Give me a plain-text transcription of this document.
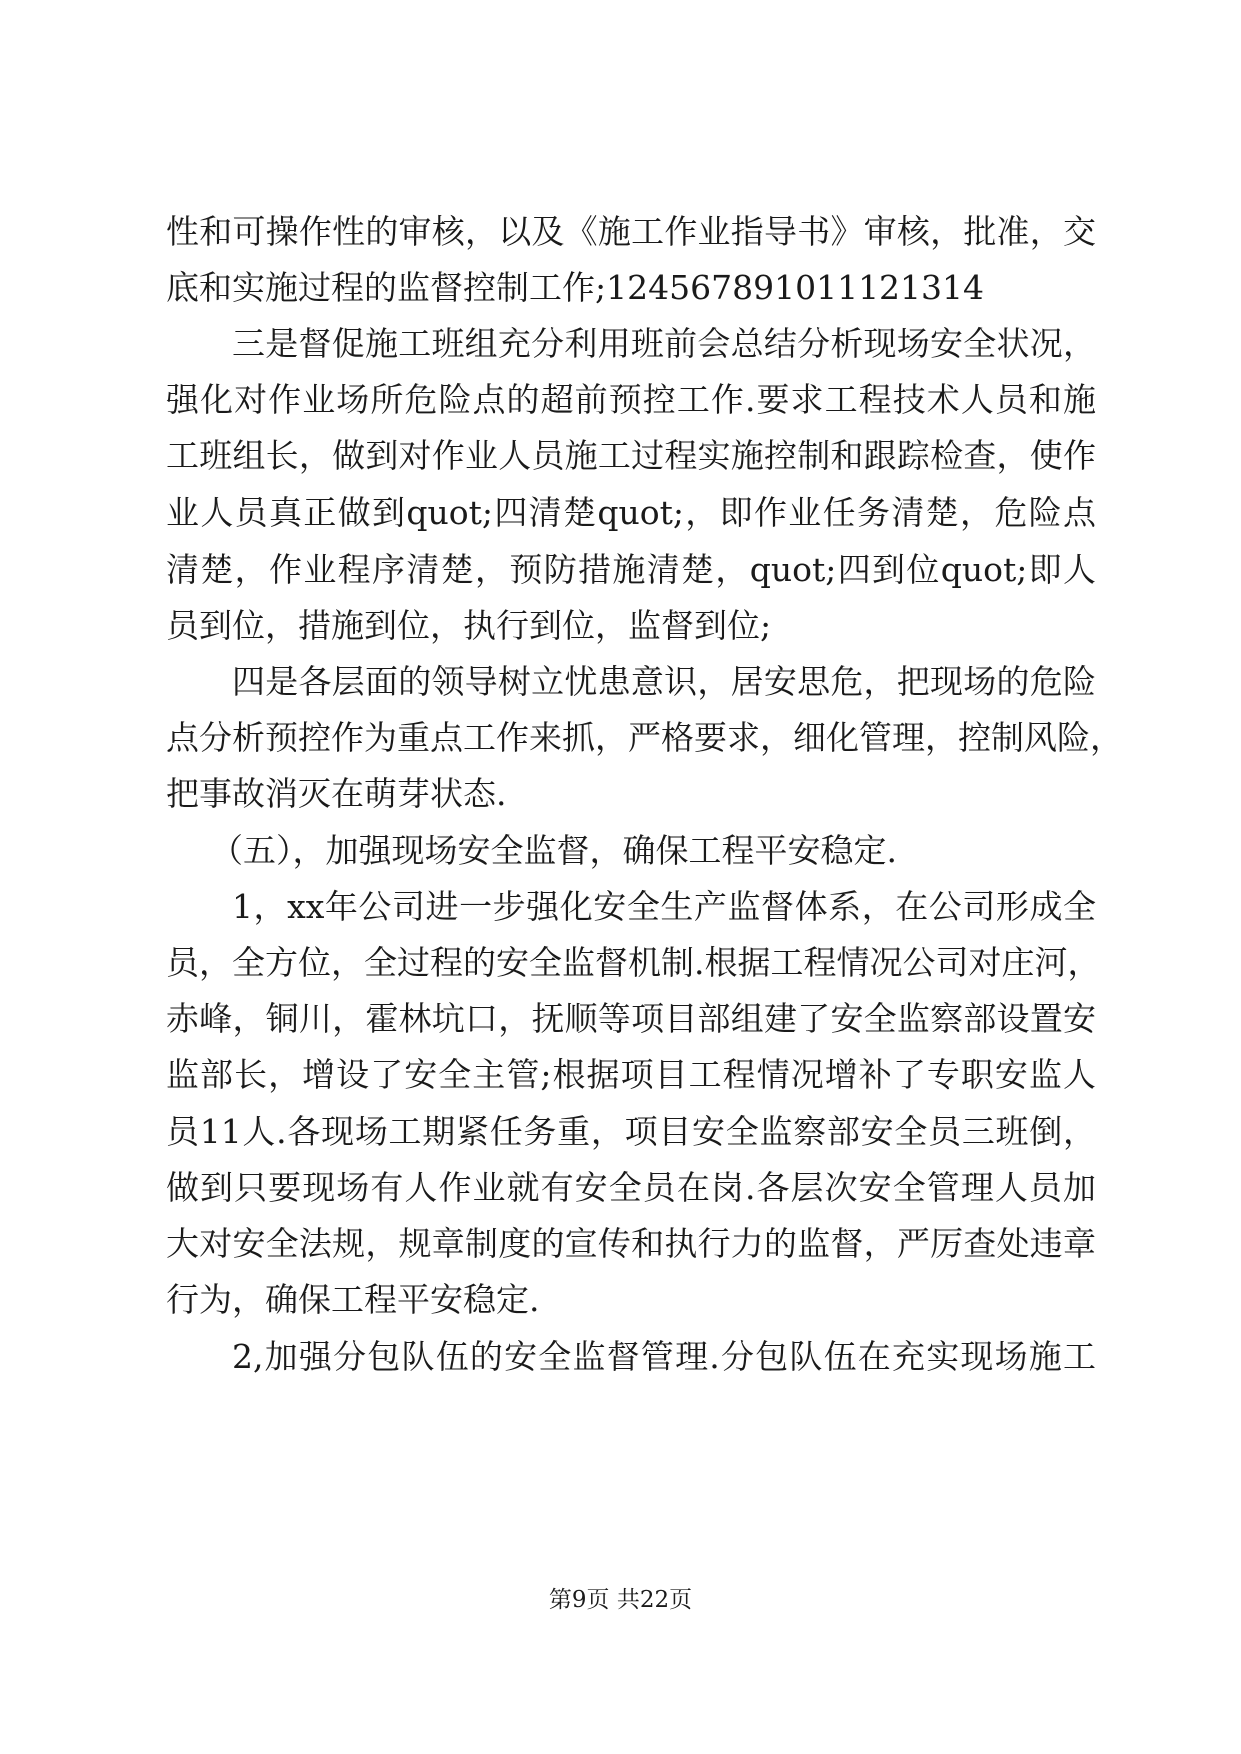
性和可操作性的审核，以及《施工作业指导书》审核，批准，交
底和实施过程的监督控制工作;1245678910111213​14
三是督促施工班组充分利用班前会总结分析现场安全状况，
强化对作业场所危险点的超前预控工作.要求工程技术人员和施
工班组长，做到对作业人员施工过程实施控制和跟踪检查，使作
业人员真正做到quot;四清楚quot;，即作业任务清楚，危险点
清楚，作业程序清楚，预防措施清楚，quot;四到位quot;即人
员到位，措施到位，执行到位，监督到位;
四是各层面的领导树立忧患意识，居安思危，把现场的危险
点分析预控作为重点工作来抓，严格要求，细化管理，控制风险，
把事故消灭在萌芽状态.
（五），加强现场安全监督，确保工程平安稳定.
1，xx年公司进一步强化安全生产监督体系，在公司形成全
员，全方位，全过程的安全监督机制.根据工程情况公司对庄河，
赤峰，铜川，霍林坑口，抚顺等项目部组建了安全监察部设置安
监部长，增设了安全主管;根据项目工程情况增补了专职安监人
员11人.各现场工期紧任务重，项目安全监察部安全员三班倒，
做到只要现场有人作业就有安全员在岗.各层次安全管理人员加
大对安全法规，规章制度的宣传和执行力的监督，严厉查处违章
行为，确保工程平安稳定.
2,加强分包队伍的安全监督管理.分包队伍在充实现场施工
第9页 共22页
